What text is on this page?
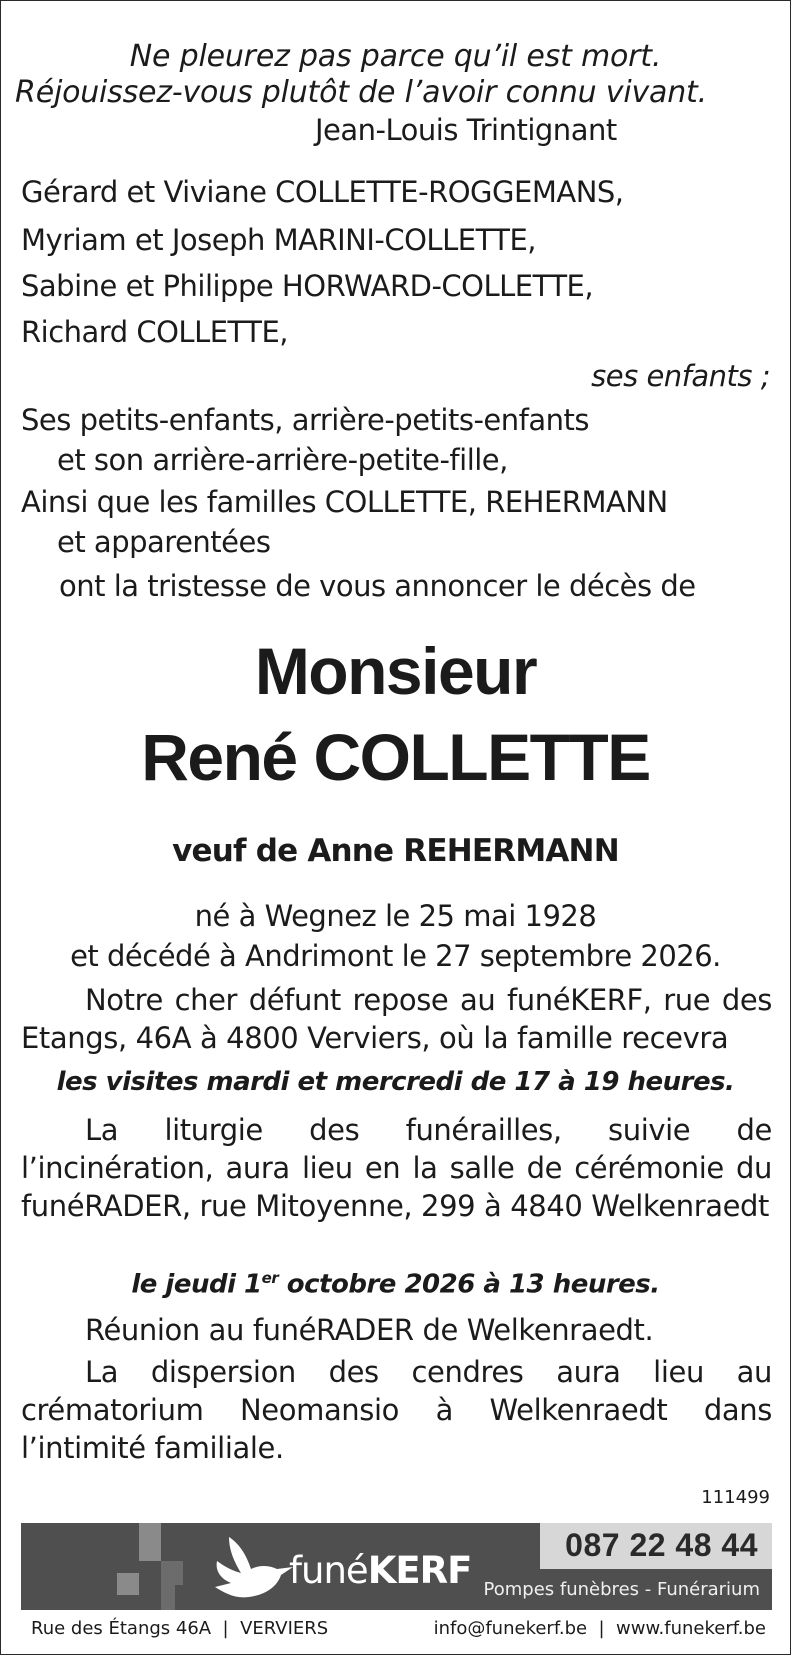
Ne pleurez pas parce qu’il est mort.
Réjouissez-vous plutôt de l’avoir connu vivant.
Jean-Louis Trintignant
Gérard et Viviane COLLETTE-ROGGEMANS,
Myriam et Joseph MARINI-COLLETTE,
Sabine et Philippe HORWARD-COLLETTE,
Richard COLLETTE,
ses enfants ;
Ses petits-enfants, arrière-petits-enfants
et son arrière-arrière-petite-fille,
Ainsi que les familles COLLETTE, REHERMANN
et apparentées
ont la tristesse de vous annoncer le décès de
Monsieur
René COLLETTE
veuf de Anne REHERMANN
né à Wegnez le 25 mai 1928
et décédé à Andrimont le 27 septembre 2026.
Notre cher défunt repose au funéKERF, rue des Etangs, 46A à 4800 Verviers, où la famille recevra
les visites mardi et mercredi de 17 à 19 heures.
La liturgie des funérailles, suivie de l’incinération, aura lieu en la salle de cérémonie du funéRADER, rue Mitoyenne, 299 à 4840 Welkenraedt
le jeudi 1er octobre 2026 à 13 heures.
Réunion au funéRADER de Welkenraedt.
La dispersion des cendres aura lieu au crématorium Neomansio à Welkenraedt dans l’intimité familiale.
111499
funéKERF
087 22 48 44
Pompes funèbres - Funérarium
Rue des Étangs 46A  |  VERVIERS	info@funekerf.be  |  www.funekerf.be
